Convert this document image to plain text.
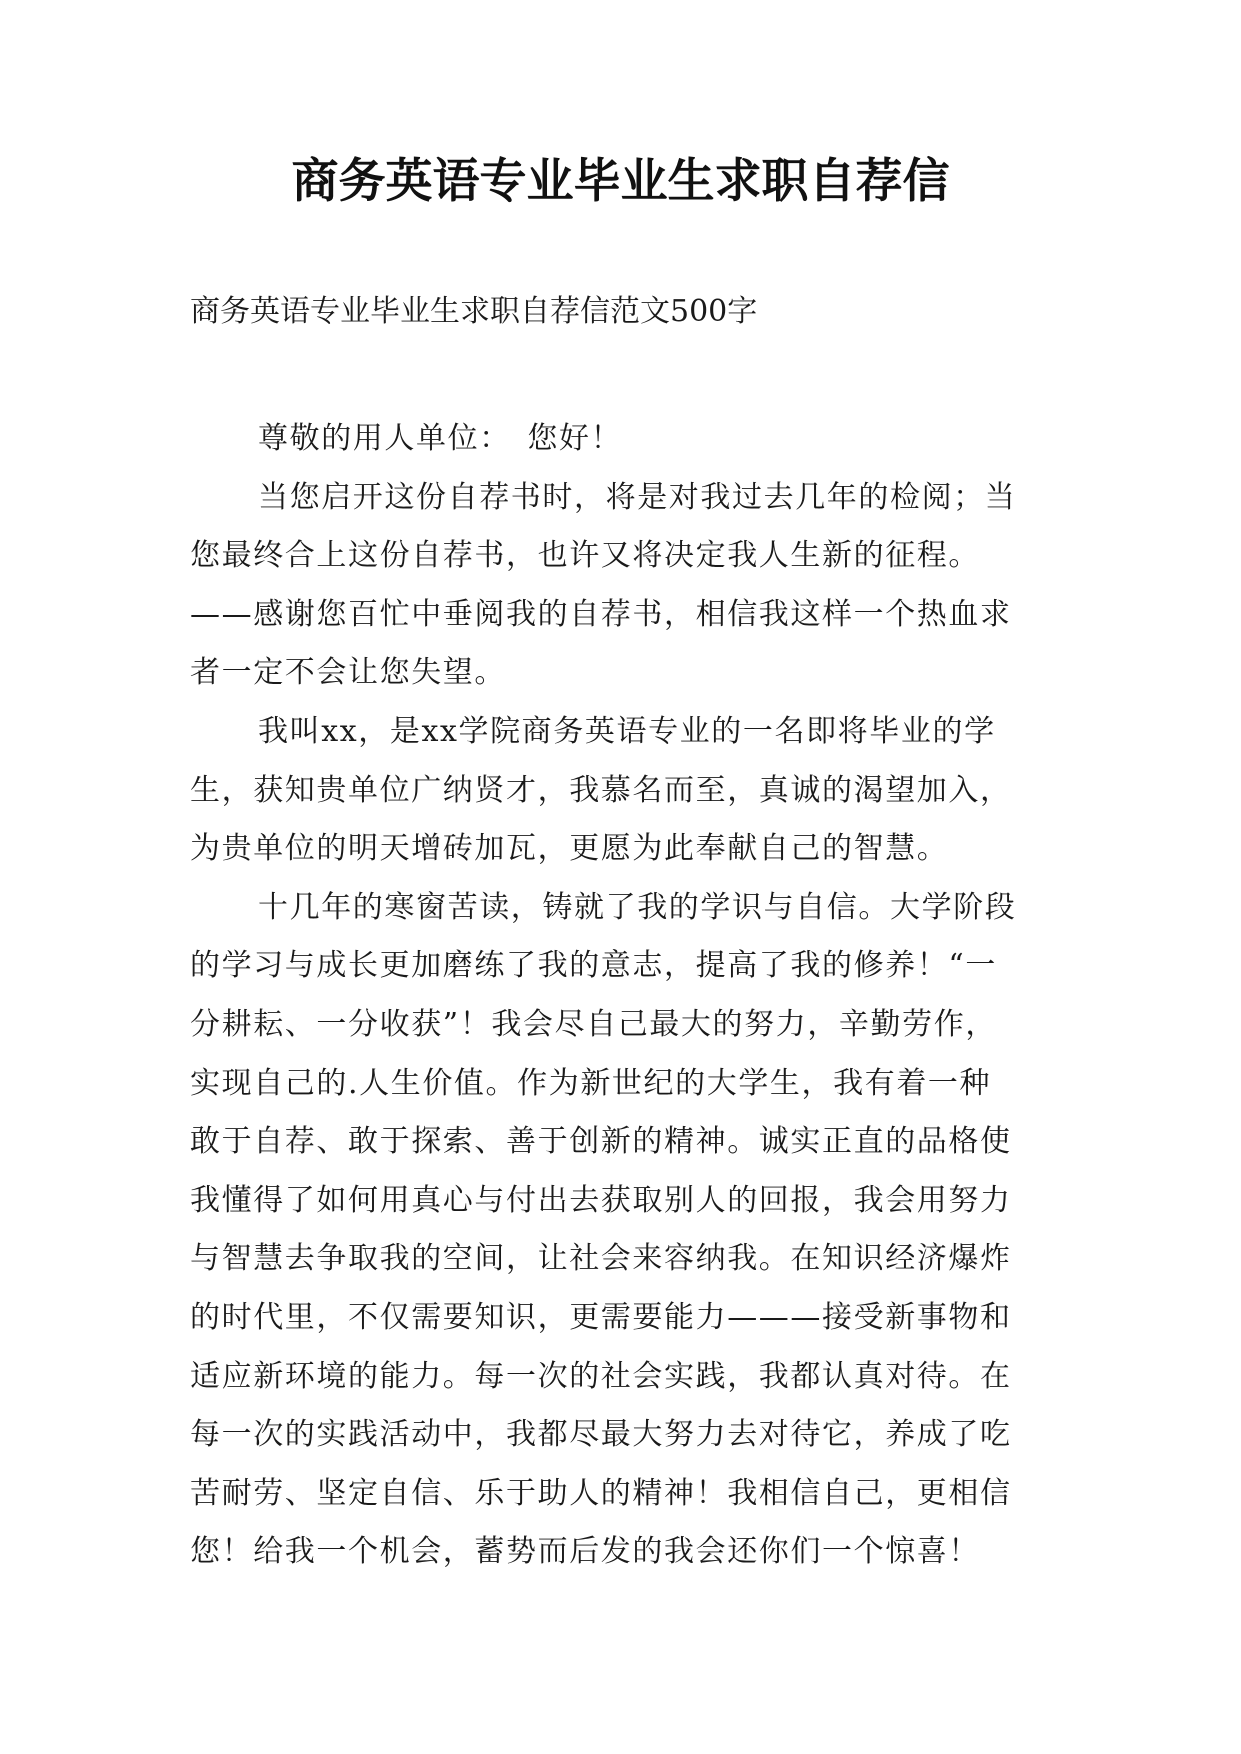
商务英语专业毕业生求职自荐信

商务英语专业毕业生求职自荐信范文500字

尊敬的用人单位：　您好！
当您启开这份自荐书时，将是对我过去几年的检阅；当
您最终合上这份自荐书，也许又将决定我人生新的征程。
——感谢您百忙中垂阅我的自荐书，相信我这样一个热血求
者一定不会让您失望。
我叫xx，是xx学院商务英语专业的一名即将毕业的学
生，获知贵单位广纳贤才，我慕名而至，真诚的渴望加入，
为贵单位的明天增砖加瓦，更愿为此奉献自己的智慧。
十几年的寒窗苦读，铸就了我的学识与自信。大学阶段
的学习与成长更加磨练了我的意志，提高了我的修养！“一
分耕耘、一分收获”！我会尽自己最大的努力，辛勤劳作，
实现自己的.人生价值。作为新世纪的大学生，我有着一种
敢于自荐、敢于探索、善于创新的精神。诚实正直的品格使
我懂得了如何用真心与付出去获取别人的回报，我会用努力
与智慧去争取我的空间，让社会来容纳我。在知识经济爆炸
的时代里，不仅需要知识，更需要能力———接受新事物和
适应新环境的能力。每一次的社会实践，我都认真对待。在
每一次的实践活动中，我都尽最大努力去对待它，养成了吃
苦耐劳、坚定自信、乐于助人的精神！我相信自己，更相信
您！给我一个机会，蓄势而后发的我会还你们一个惊喜！
